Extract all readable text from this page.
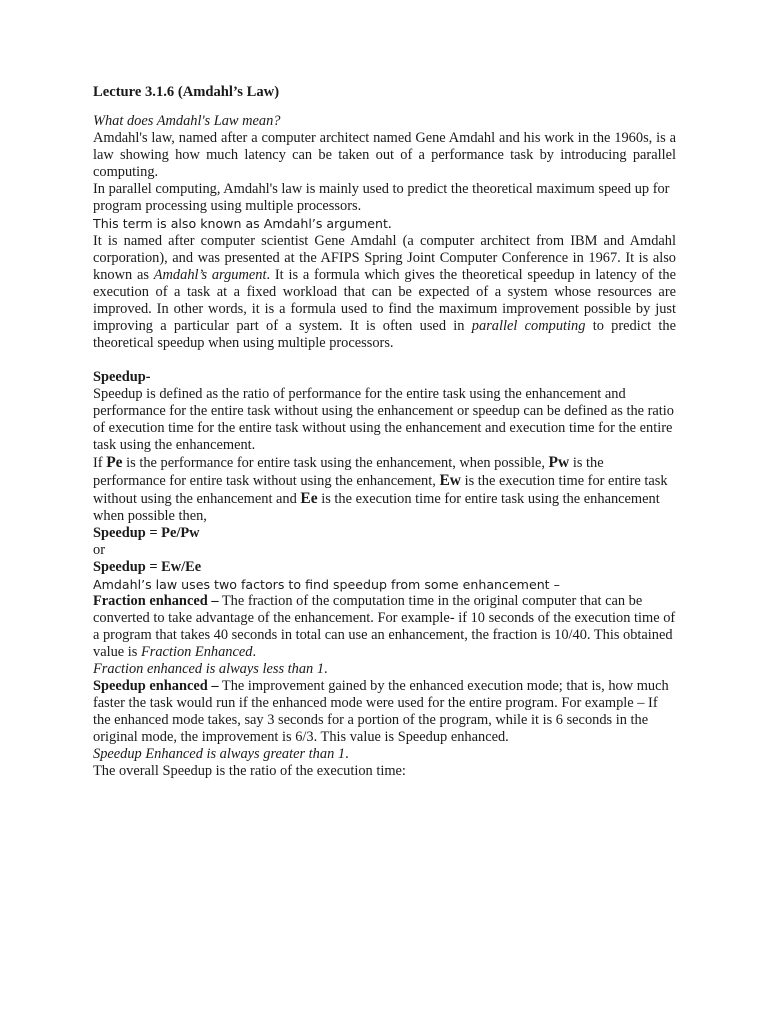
Lecture 3.1.6 (Amdahl’s Law)
What does Amdahl's Law mean?
Amdahl's law, named after a computer architect named Gene Amdahl and his work in the 1960s, is a law showing how much latency can be taken out of a performance task by introducing parallel computing.
In parallel computing, Amdahl's law is mainly used to predict the theoretical maximum speed up for program processing using multiple processors.
This term is also known as Amdahl’s argument.
It is named after computer scientist Gene Amdahl (a computer architect from IBM and Amdahl corporation), and was presented at the AFIPS Spring Joint Computer Conference in 1967. It is also known as Amdahl’s argument. It is a formula which gives the theoretical speedup in latency of the execution of a task at a fixed workload that can be expected of a system whose resources are improved. In other words, it is a formula used to find the maximum improvement possible by just improving a particular part of a system. It is often used in parallel computing to predict the theoretical speedup when using multiple processors.
Speedup-
Speedup is defined as the ratio of performance for the entire task using the enhancement and performance for the entire task without using the enhancement or speedup can be defined as the ratio of execution time for the entire task without using the enhancement and execution time for the entire task using the enhancement.
If Pe is the performance for entire task using the enhancement, when possible, Pw is the performance for entire task without using the enhancement, Ew is the execution time for entire task without using the enhancement and Ee is the execution time for entire task using the enhancement when possible then,
Speedup = Pe/Pw
or
Speedup = Ew/Ee
Amdahl’s law uses two factors to find speedup from some enhancement –
Fraction enhanced – The fraction of the computation time in the original computer that can be converted to take advantage of the enhancement. For example- if 10 seconds of the execution time of a program that takes 40 seconds in total can use an enhancement, the fraction is 10/40. This obtained value is Fraction Enhanced.
Fraction enhanced is always less than 1.
Speedup enhanced – The improvement gained by the enhanced execution mode; that is, how much faster the task would run if the enhanced mode were used for the entire program. For example – If the enhanced mode takes, say 3 seconds for a portion of the program, while it is 6 seconds in the original mode, the improvement is 6/3. This value is Speedup enhanced.
Speedup Enhanced is always greater than 1.
The overall Speedup is the ratio of the execution time:
